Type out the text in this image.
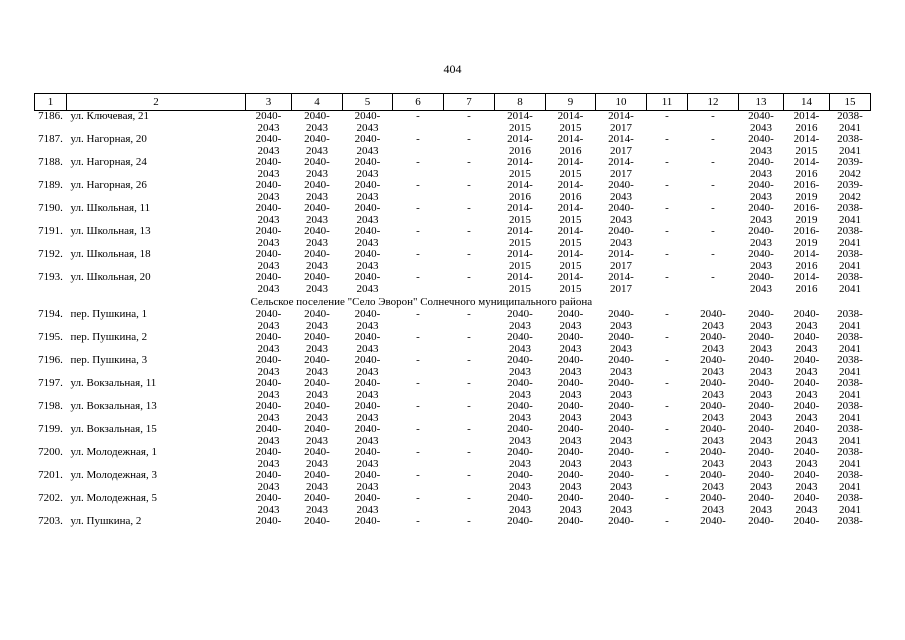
404
1	2	3	4	5	6	7	8	9	10	11	12	13	14	15
7186.	ул. Ключевая, 21	2040-
2043	2040-
2043	2040-
2043	-	-	2014-
2015	2014-
2015	2014-
2017	-	-	2040-
2043	2014-
2016	2038-
2041

7187.	ул. Нагорная, 20	2040-
2043	2040-
2043	2040-
2043	-	-	2014-
2016	2014-
2016	2014-
2017	-	-	2040-
2043	2014-
2015	2038-
2041

7188.	ул. Нагорная, 24	2040-
2043	2040-
2043	2040-
2043	-	-	2014-
2015	2014-
2015	2014-
2017	-	-	2040-
2043	2014-
2016	2039-
2042

7189.	ул. Нагорная, 26	2040-
2043	2040-
2043	2040-
2043	-	-	2014-
2016	2014-
2016	2040-
2043	-	-	2040-
2043	2016-
2019	2039-
2042

7190.	ул. Школьная, 11	2040-
2043	2040-
2043	2040-
2043	-	-	2014-
2015	2014-
2015	2040-
2043	-	-	2040-
2043	2016-
2019	2038-
2041

7191.	ул. Школьная, 13	2040-
2043	2040-
2043	2040-
2043	-	-	2014-
2015	2014-
2015	2040-
2043	-	-	2040-
2043	2016-
2019	2038-
2041

7192.	ул. Школьная, 18	2040-
2043	2040-
2043	2040-
2043	-	-	2014-
2015	2014-
2015	2014-
2017	-	-	2040-
2043	2014-
2016	2038-
2041

7193.	ул. Школьная, 20	2040-
2043	2040-
2043	2040-
2043	-	-	2014-
2015	2014-
2015	2014-
2017	-	-	2040-
2043	2014-
2016	2038-
2041

Сельское поселение "Село Эворон" Солнечного муниципального района														
7194.	пер. Пушкина, 1	2040-
2043	2040-
2043	2040-
2043	-	-	2040-
2043	2040-
2043	2040-
2043	-	2040-
2043	2040-
2043	2040-
2043	2038-
2041

7195.	пер. Пушкина, 2	2040-
2043	2040-
2043	2040-
2043	-	-	2040-
2043	2040-
2043	2040-
2043	-	2040-
2043	2040-
2043	2040-
2043	2038-
2041

7196.	пер. Пушкина, 3	2040-
2043	2040-
2043	2040-
2043	-	-	2040-
2043	2040-
2043	2040-
2043	-	2040-
2043	2040-
2043	2040-
2043	2038-
2041

7197.	ул. Вокзальная, 11	2040-
2043	2040-
2043	2040-
2043	-	-	2040-
2043	2040-
2043	2040-
2043	-	2040-
2043	2040-
2043	2040-
2043	2038-
2041

7198.	ул. Вокзальная, 13	2040-
2043	2040-
2043	2040-
2043	-	-	2040-
2043	2040-
2043	2040-
2043	-	2040-
2043	2040-
2043	2040-
2043	2038-
2041

7199.	ул. Вокзальная, 15	2040-
2043	2040-
2043	2040-
2043	-	-	2040-
2043	2040-
2043	2040-
2043	-	2040-
2043	2040-
2043	2040-
2043	2038-
2041

7200.	ул. Молодежная, 1	2040-
2043	2040-
2043	2040-
2043	-	-	2040-
2043	2040-
2043	2040-
2043	-	2040-
2043	2040-
2043	2040-
2043	2038-
2041

7201.	ул. Молодежная, 3	2040-
2043	2040-
2043	2040-
2043	-	-	2040-
2043	2040-
2043	2040-
2043	-	2040-
2043	2040-
2043	2040-
2043	2038-
2041

7202.	ул. Молодежная, 5	2040-
2043	2040-
2043	2040-
2043	-	-	2040-
2043	2040-
2043	2040-
2043	-	2040-
2043	2040-
2043	2040-
2043	2038-
2041

7203.	ул. Пушкина, 2	2040-	2040-	2040-	-	-	2040-	2040-	2040-	-	2040-	2040-	2040-	2038-
